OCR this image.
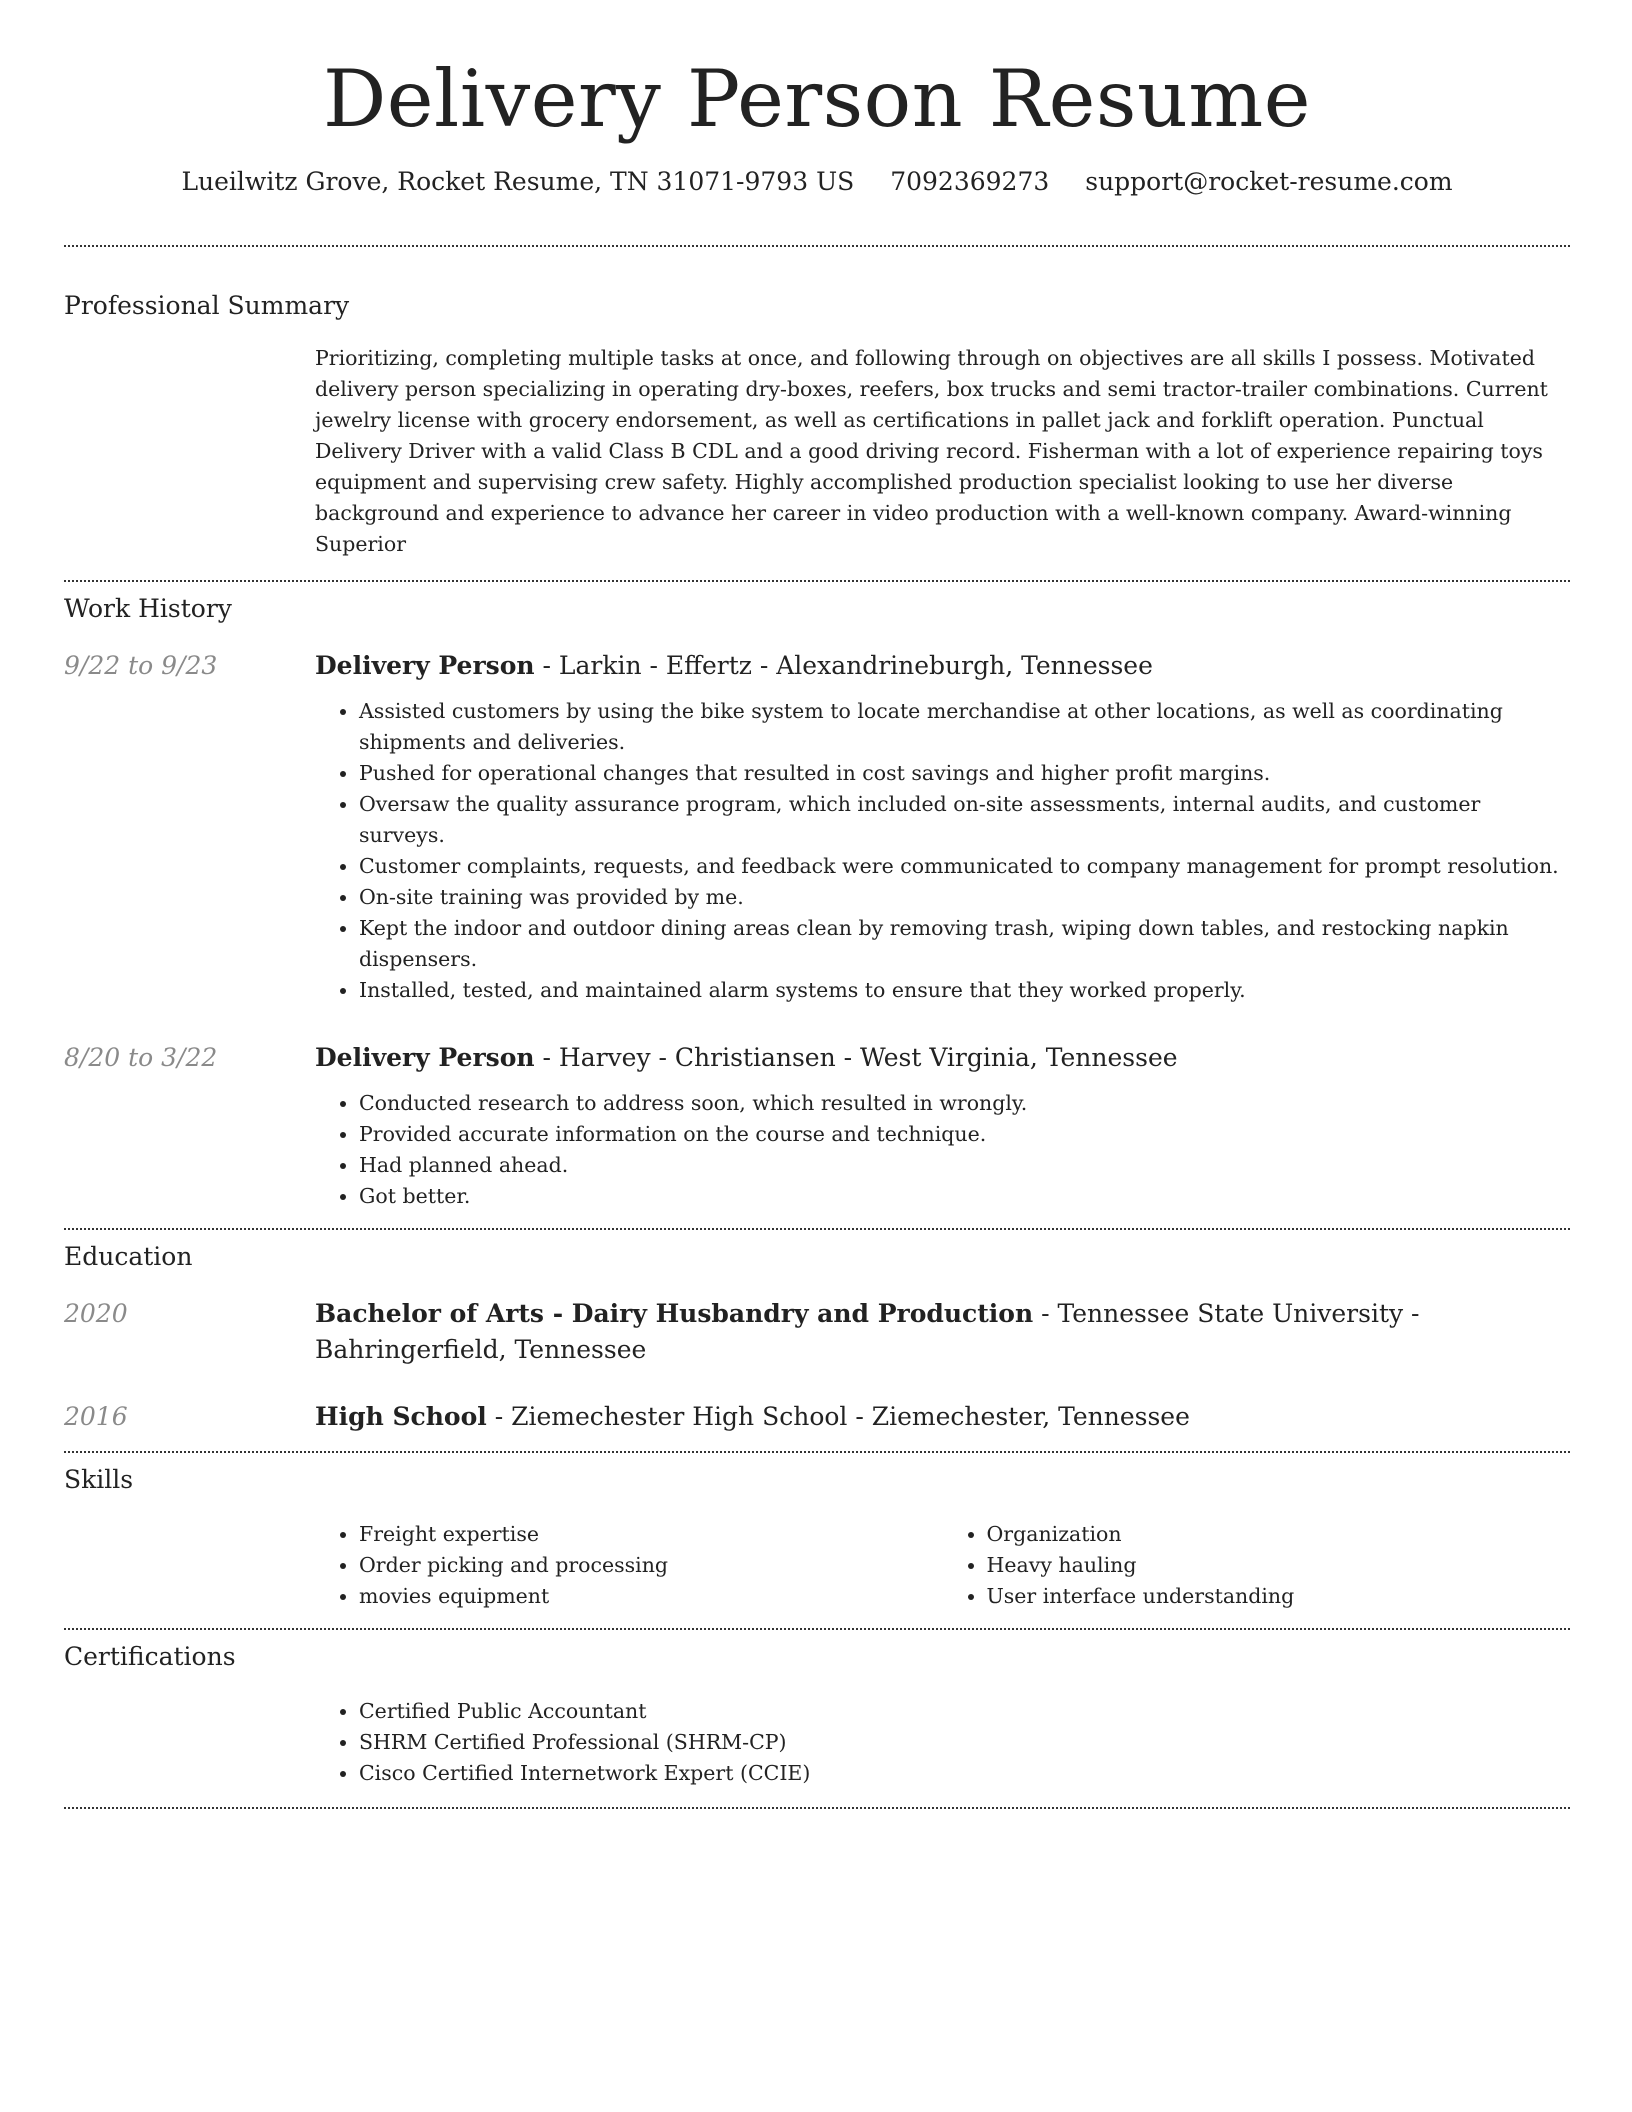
Delivery Person Resume
Lueilwitz Grove, Rocket Resume, TN 31071-9793 US 7092369273 support@rocket-resume.com
Professional Summary

Prioritizing, completing multiple tasks at once, and following through on objectives are all skills I possess. Motivated delivery person specializing in operating dry-boxes, reefers, box trucks and semi tractor-trailer combinations. Current jewelry license with grocery endorsement, as well as certifications in pallet jack and forklift operation. Punctual Delivery Driver with a valid Class B CDL and a good driving record. Fisherman with a lot of experience repairing toys equipment and supervising crew safety. Highly accomplished production specialist looking to use her diverse background and experience to advance her career in video production with a well-known company. Award-winning Superior

Work History
9/22 to 9/23	Delivery Person - Larkin - Effertz - Alexandrineburgh, Tennessee
• Assisted customers by using the bike system to locate merchandise at other locations, as well as coordinating shipments and deliveries.
• Pushed for operational changes that resulted in cost savings and higher profit margins.
• Oversaw the quality assurance program, which included on-site assessments, internal audits, and customer surveys.
• Customer complaints, requests, and feedback were communicated to company management for prompt resolution.
• On-site training was provided by me.
• Kept the indoor and outdoor dining areas clean by removing trash, wiping down tables, and restocking napkin dispensers.
• Installed, tested, and maintained alarm systems to ensure that they worked properly.
8/20 to 3/22	Delivery Person - Harvey - Christiansen - West Virginia, Tennessee
• Conducted research to address soon, which resulted in wrongly.
• Provided accurate information on the course and technique.
• Had planned ahead.
• Got better.
Education
2020	Bachelor of Arts - Dairy Husbandry and Production - Tennessee State University - Bahringerfield, Tennessee
2016	High School - Ziemechester High School - Ziemechester, Tennessee
Skills
• Freight expertise
• Order picking and processing
• movies equipment
• Organization
• Heavy hauling
• User interface understanding
Certifications
• Certified Public Accountant
• SHRM Certified Professional (SHRM-CP)
• Cisco Certified Internetwork Expert (CCIE)
